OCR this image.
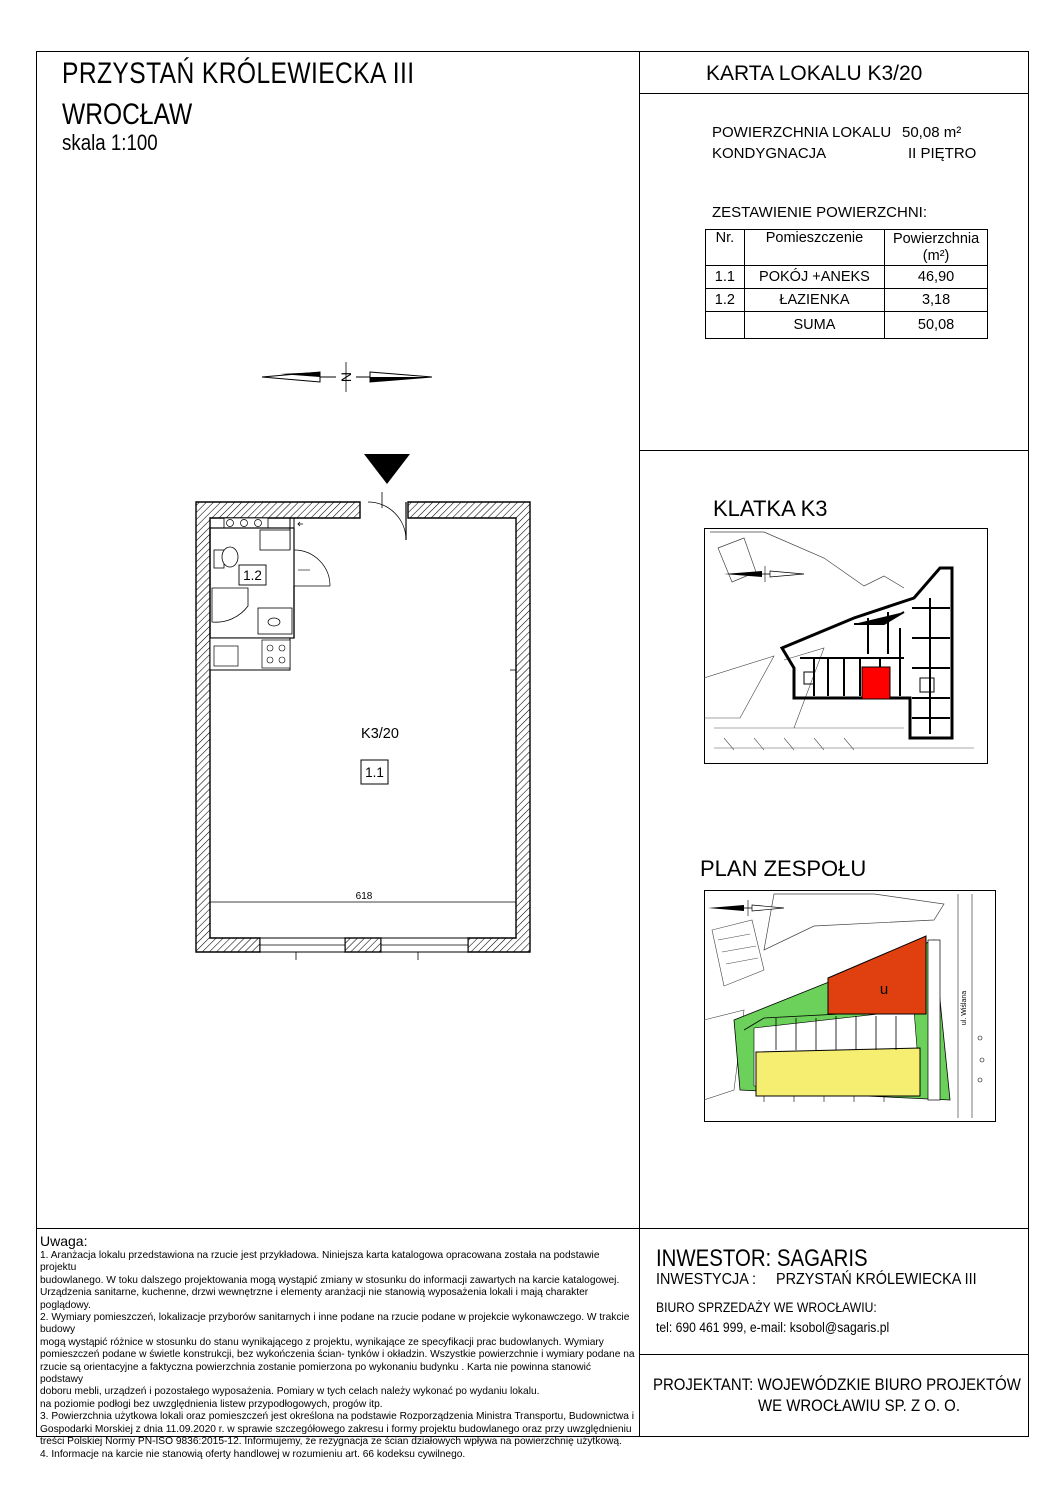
PRZYSTAŃ KRÓLEWIECKA III
WROCŁAW
skala 1:100
KARTA LOKALU K3/20
POWIERZCHNIA LOKALU 50,08 m²
KONDYGNACJA	II PIĘTRO
ZESTAWIENIE POWIERZCHNI:
Nr.	Pomieszczenie	Powierzchnia
(m²)

1.1	POKÓJ +ANEKS	46,90
1.2	ŁAZIENKA	3,18
	SUMA	50,08
N
1.2
K3/20
1.1
618
KLATKA K3
PLAN ZESPOŁU
u
ul. Wiślana
Uwaga:
1. Aranżacja lokalu przedstawiona na rzucie jest przykładowa. Niniejsza karta katalogowa opracowana została na podstawie projektu
budowlanego. W toku dalszego projektowania mogą wystąpić zmiany w stosunku do informacji zawartych na karcie katalogowej.
Urządzenia sanitarne, kuchenne, drzwi wewnętrzne i elementy aranżacji nie stanowią wyposażenia lokali i mają charakter poglądowy.
2. Wymiary pomieszczeń, lokalizacje przyborów sanitarnych i inne podane na rzucie podane w projekcie wykonawczego. W trakcie budowy
mogą wystąpić różnice w stosunku do stanu wynikającego z projektu, wynikające ze specyfikacji prac budowlanych. Wymiary
pomieszczeń podane w świetle konstrukcji, bez wykończenia ścian- tynków i okładzin. Wszystkie powierzchnie i wymiary podane na
rzucie są orientacyjne a faktyczna powierzchnia zostanie pomierzona po wykonaniu budynku . Karta nie powinna stanowić podstawy
doboru mebli, urządzeń i pozostałego wyposażenia. Pomiary w tych celach należy wykonać po wydaniu lokalu.
na poziomie podłogi bez uwzględnienia listew przypodłogowych, progów itp.
3. Powierzchnia użytkowa lokali oraz pomieszczeń jest określona na podstawie Rozporządzenia Ministra Transportu, Budownictwa i
Gospodarki Morskiej z dnia 11.09.2020 r. w sprawie szczegółowego zakresu i formy projektu budowlanego oraz przy uwzględnieniu
treści Polskiej Normy PN-ISO 9836:2015-12. Informujemy, że rezygnacja ze ścian działowych wpływa na powierzchnię użytkową.
4. Informacje na karcie nie stanowią oferty handlowej w rozumieniu art. 66 kodeksu cywilnego.
INWESTOR: SAGARIS
INWESTYCJA : PRZYSTAŃ KRÓLEWIECKA III
BIURO SPRZEDAŻY WE WROCŁAWIU:
tel: 690 461 999, e-mail: ksobol@sagaris.pl
PROJEKTANT: WOJEWÓDZKIE BIURO PROJEKTÓW
WE WROCŁAWIU SP. Z O. O.
